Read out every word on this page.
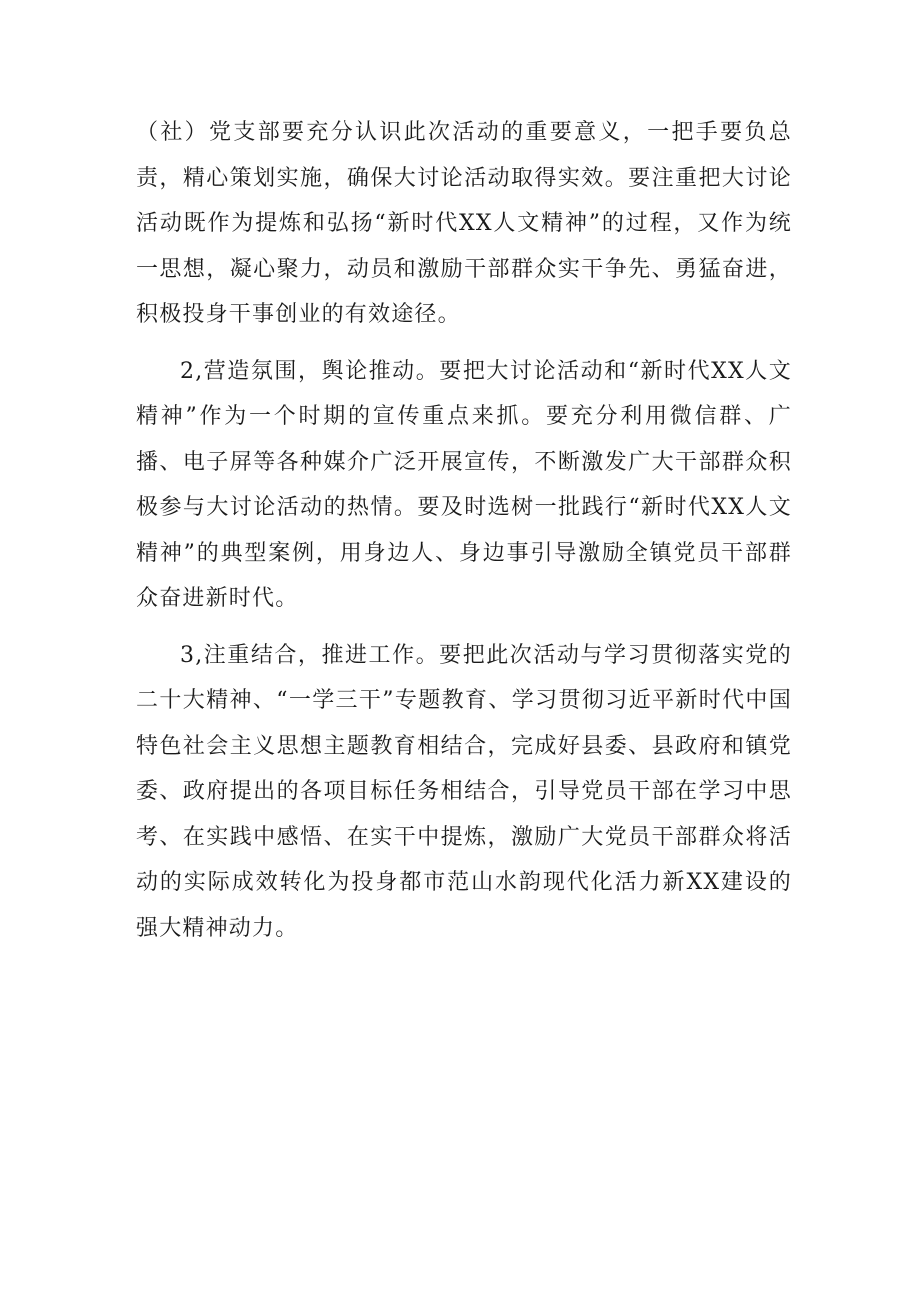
（社）党支部要充分认识此次活动的重要意义，一把手要负总责，精心策划实施，确保大讨论活动取得实效。要注重把大讨论活动既作为提炼和弘扬“新时代XX人文精神”的过程，又作为统一思想，凝心聚力，动员和激励干部群众实干争先、勇猛奋进，积极投身干事创业的有效途径。

2,营造氛围，舆论推动。要把大讨论活动和“新时代XX人文精神”作为一个时期的宣传重点来抓。要充分利用微信群、广播、电子屏等各种媒介广泛开展宣传，不断激发广大干部群众积极参与大讨论活动的热情。要及时选树一批践行“新时代XX人文精神”的典型案例，用身边人、身边事引导激励全镇党员干部群众奋进新时代。

3,注重结合，推进工作。要把此次活动与学习贯彻落实党的二十大精神、“一学三干”专题教育、学习贯彻习近平新时代中国特色社会主义思想主题教育相结合，完成好县委、县政府和镇党委、政府提出的各项目标任务相结合，引导党员干部在学习中思考、在实践中感悟、在实干中提炼，激励广大党员干部群众将活动的实际成效转化为投身都市范山水韵现代化活力新XX建设的强大精神动力。
